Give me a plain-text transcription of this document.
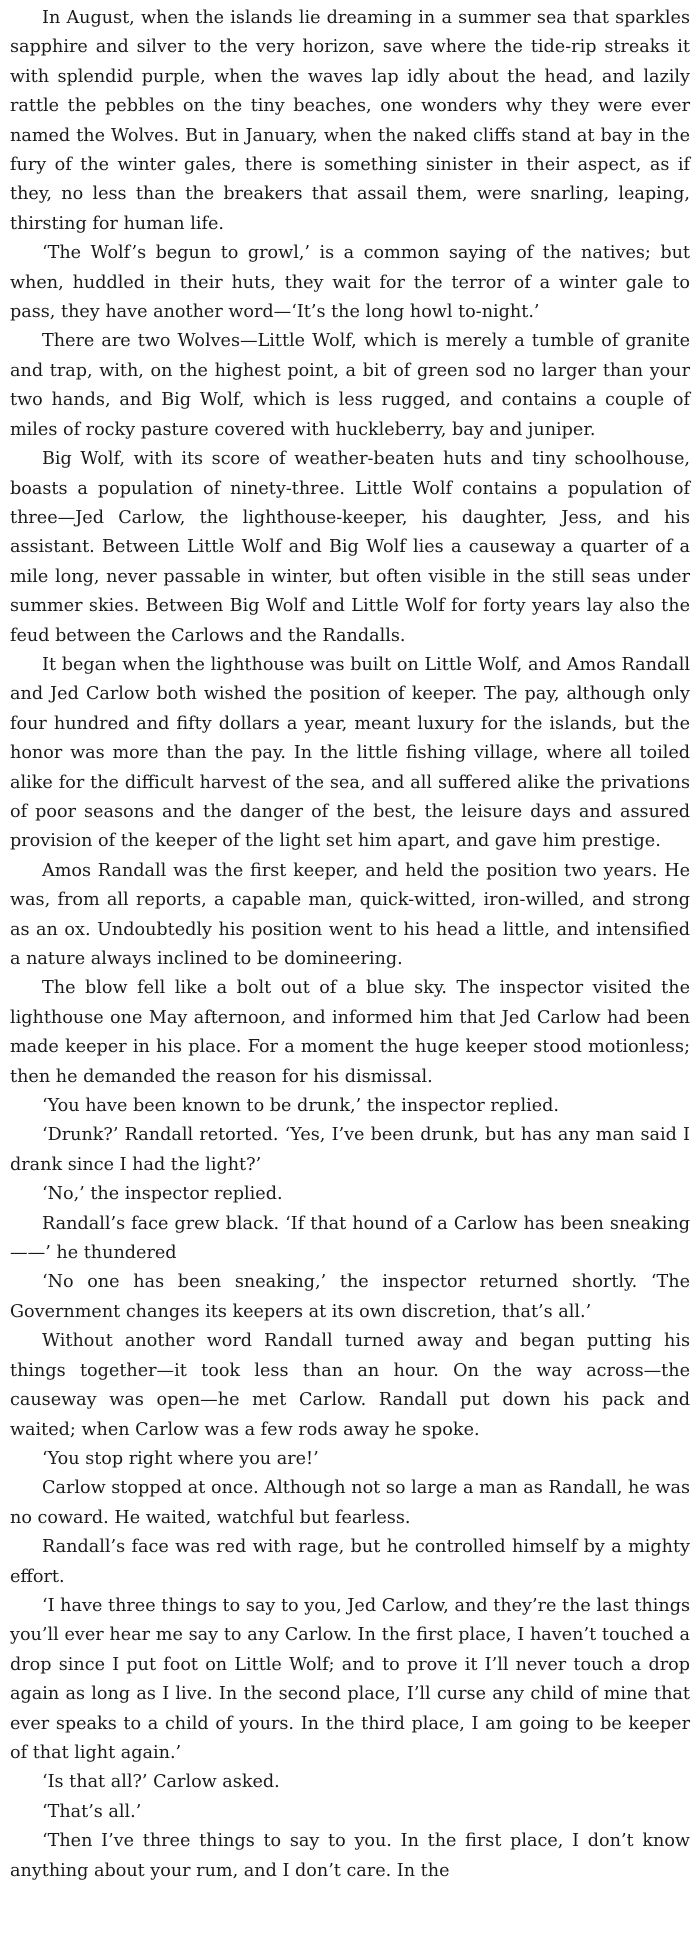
In August, when the islands lie dreaming in a summer sea that sparkles sapphire and silver to the very horizon, save where the tide-rip streaks it with splendid purple, when the waves lap idly about the head, and lazily rattle the pebbles on the tiny beaches, one wonders why they were ever named the Wolves. But in January, when the naked cliffs stand at bay in the fury of the winter gales, there is something sinister in their aspect, as if they, no less than the breakers that assail them, were snarling, leaping, thirsting for human life.

‘The Wolf’s begun to growl,’ is a common saying of the natives; but when, huddled in their huts, they wait for the terror of a winter gale to pass, they have another word—‘It’s the long howl to-night.’

There are two Wolves—Little Wolf, which is merely a tumble of granite and trap, with, on the highest point, a bit of green sod no larger than your two hands, and Big Wolf, which is less rugged, and contains a couple of miles of rocky pasture covered with huckleberry, bay and juniper.

Big Wolf, with its score of weather-beaten huts and tiny schoolhouse, boasts a population of ninety-three. Little Wolf contains a population of three—Jed Carlow, the lighthouse-keeper, his daughter, Jess, and his assistant. Between Little Wolf and Big Wolf lies a causeway a quarter of a mile long, never passable in winter, but often visible in the still seas under summer skies. Between Big Wolf and Little Wolf for forty years lay also the feud between the Carlows and the Randalls.

It began when the lighthouse was built on Little Wolf, and Amos Randall and Jed Carlow both wished the position of keeper. The pay, although only four hundred and fifty dollars a year, meant luxury for the islands, but the honor was more than the pay. In the little fishing village, where all toiled alike for the difficult harvest of the sea, and all suffered alike the privations of poor seasons and the danger of the best, the leisure days and assured provision of the keeper of the light set him apart, and gave him prestige.

Amos Randall was the first keeper, and held the position two years. He was, from all reports, a capable man, quick-witted, iron-willed, and strong as an ox. Undoubtedly his position went to his head a little, and intensified a nature always inclined to be domineering.

The blow fell like a bolt out of a blue sky. The inspector visited the lighthouse one May afternoon, and informed him that Jed Carlow had been made keeper in his place. For a moment the huge keeper stood motionless; then he demanded the reason for his dismissal.

‘You have been known to be drunk,’ the inspector replied.

‘Drunk?’ Randall retorted. ‘Yes, I’ve been drunk, but has any man said I drank since I had the light?’

‘No,’ the inspector replied.

Randall’s face grew black. ‘If that hound of a Carlow has been sneaking——’ he thundered

‘No one has been sneaking,’ the inspector returned shortly. ‘The Government changes its keepers at its own discretion, that’s all.’

Without another word Randall turned away and began putting his things together—it took less than an hour. On the way across—the causeway was open—he met Carlow. Randall put down his pack and waited; when Carlow was a few rods away he spoke.

‘You stop right where you are!’

Carlow stopped at once. Although not so large a man as Randall, he was no coward. He waited, watchful but fearless.

Randall’s face was red with rage, but he controlled himself by a mighty effort.

‘I have three things to say to you, Jed Carlow, and they’re the last things you’ll ever hear me say to any Carlow. In the first place, I haven’t touched a drop since I put foot on Little Wolf; and to prove it I’ll never touch a drop again as long as I live. In the second place, I’ll curse any child of mine that ever speaks to a child of yours. In the third place, I am going to be keeper of that light again.’

‘Is that all?’ Carlow asked.

‘That’s all.’

‘Then I’ve three things to say to you. In the first place, I don’t know anything about your rum, and I don’t care. In the
